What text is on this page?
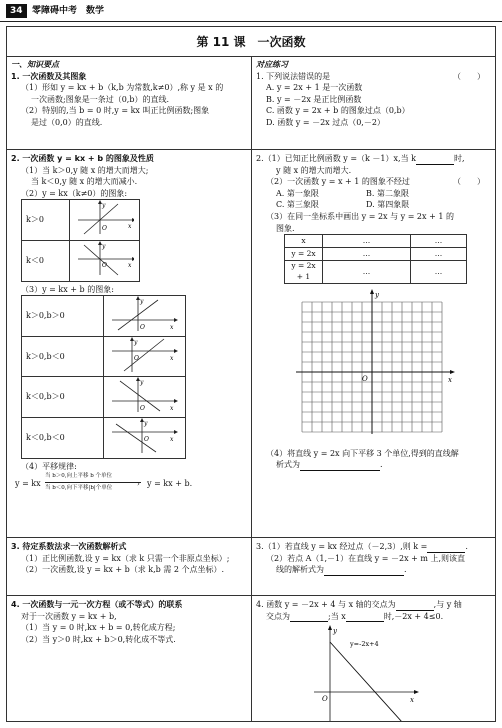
34	零障碍中考　数学
第 11 课　一次函数
一、知识要点
1. 一次函数及其图象
（1）形如 y = kx + b（k,b 为常数,k≠0）,称 y 是 x 的
一次函数;图象是一条过（0,b）的直线.
（2）特别的,当 b = 0 时,y = kx 叫正比例函数;图象
是过（0,0）的直线.
2. 一次函数 y = kx + b 的图象及性质
（1）当 k＞0,y 随 x 的增大而增大;
当 k＜0,y 随 x 的增大而减小.
（2）y = kx（k≠0）的图象:
k＞0	O x
y

k＜0	O x
y
（3）y = kx + b 的图象:
k＞0,b＞0	O x
y

k＞0,b＜0	O x
y

k＜0,b＞0	O x
y

k＜0,b＜0	O x
y
（4）平移规律:
y = kx
当 b＞0,向上平移 b 个单位
›
当 b＜0,向下平移|b|个单位	y = kx + b.
3. 待定系数法求一次函数解析式
（1）正比例函数,设 y = kx（求 k 只需一个非原点坐标）;
（2）一次函数,设 y = kx + b（求 k,b 需 2 个点坐标）.
4. 一次函数与一元一次方程（或不等式）的联系
对于一次函数 y = kx + b,
（1）当 y = 0 时,kx + b = 0,转化成方程;
（2）当 y＞0 时,kx + b＞0,转化成不等式.
对应练习
1. 下列说法错误的是	（　　）
A. y = 2x + 1 是一次函数
B. y = －2x 是正比例函数
C. 函数 y = 2x + b 的图象过点（0,b）
D. 函数 y = －2x 过点（0,－2）
2.（1）已知正比例函数 y =（k －1）x,当 k	时,
y 随 x 的增大而增大.
（2）一次函数 y = x + 1 的图象不经过	（　　）
A. 第一象限	B. 第二象限
C. 第三象限	D. 第四象限
（3）在同一坐标系中画出 y = 2x 与 y = 2x + 1 的
图象.
x	…	…
y = 2x	…	…
y = 2x + 1	…	…
x
y
O
（4）将直线 y = 2x 向下平移 3 个单位,得到的直线解
析式为	.
3.（1）若直线 y = kx 经过点（－2,3）,则 k =	.
（2）若点 A（1,－1）在直线 y = －2x + m 上,则该直
线的解析式为	.
4. 函数 y = －2x + 4 与 x 轴的交点为	,与 y 轴
交点为	;当 x	时,－2x + 4≤0.
y=-2x+4
x
y
O
